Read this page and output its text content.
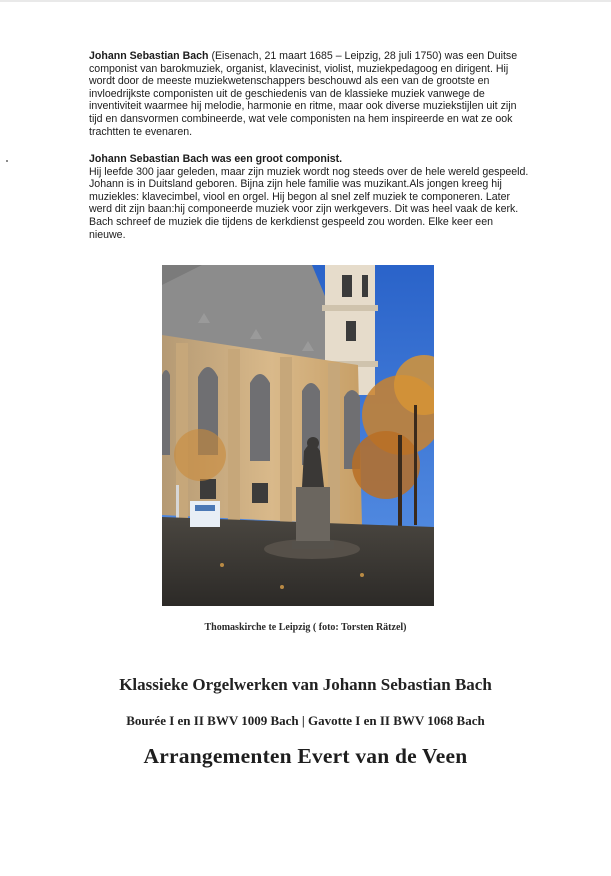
Johann Sebastian Bach (Eisenach, 21 maart 1685 – Leipzig, 28 juli 1750) was een Duitse componist van barokmuziek, organist, klavecinist, violist, muziekpedagoog en dirigent. Hij wordt door de meeste muziekwetenschappers beschouwd als een van de grootste en invloedrijkste componisten uit de geschiedenis van de klassieke muziek vanwege de inventiviteit waarmee hij melodie, harmonie en ritme, maar ook diverse muziekstijlen uit zijn tijd en dansvormen combineerde, wat vele componisten na hem inspireerde en wat ze ook trachtten te evenaren.
Johann Sebastian Bach was een groot componist.
Hij leefde 300 jaar geleden, maar zijn muziek wordt nog steeds over de hele wereld gespeeld. Johann is in Duitsland geboren. Bijna zijn hele familie was muzikant.Als jongen kreeg hij muziekles: klavecimbel, viool en orgel. Hij begon al snel zelf muziek te componeren. Later werd dit zijn baan:hij componeerde muziek voor zijn werkgevers. Dit was heel vaak de kerk. Bach schreef de muziek die tijdens de kerkdienst gespeeld zou worden. Elke keer een nieuwe.
Thomaskirche te Leipzig ( foto: Torsten Rätzel)
Klassieke Orgelwerken van Johann Sebastian Bach
Bourée I en II BWV 1009 Bach | Gavotte I en II BWV 1068 Bach
Arrangementen Evert van de Veen
